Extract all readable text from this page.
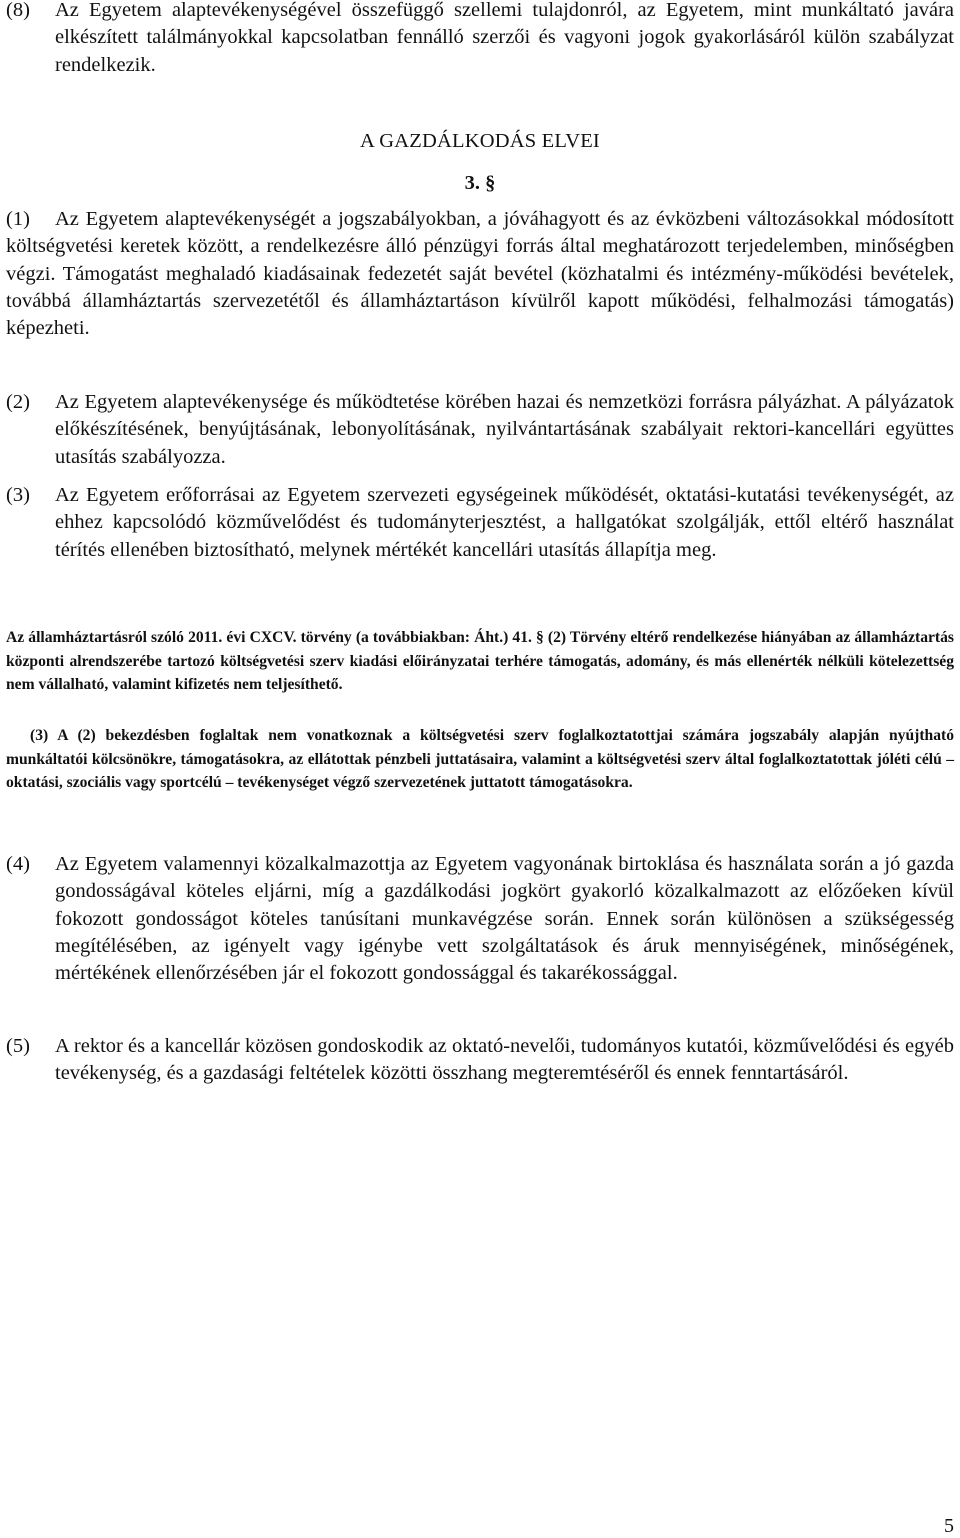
(8)	Az Egyetem alaptevékenységével összefüggő szellemi tulajdonról, az Egyetem, mint munkáltató javára elkészített találmányokkal kapcsolatban fennálló szerzői és vagyoni jogok gyakorlásáról külön szabályzat rendelkezik.

A GAZDÁLKODÁS ELVEI
3. §

(1)	Az Egyetem alaptevékenységét a jogszabályokban, a jóváhagyott és az évközbeni változásokkal módosított költségvetési keretek között, a rendelkezésre álló pénzügyi forrás által meghatározott terjedelemben, minőségben végzi. Támogatást meghaladó kiadásainak fedezetét saját bevétel (közhatalmi és intézmény-működési bevételek, továbbá államháztartás szervezetétől és államháztartáson kívülről kapott működési, felhalmozási támogatás) képezheti.

(2)	Az Egyetem alaptevékenysége és működtetése körében hazai és nemzetközi forrásra pályázhat. A pályázatok előkészítésének, benyújtásának, lebonyolításának, nyilvántartásának szabályait rektori-kancellári együttes utasítás szabályozza.

(3)	Az Egyetem erőforrásai az Egyetem szervezeti egységeinek működését, oktatási-kutatási tevékenységét, az ehhez kapcsolódó közművelődést és tudományterjesztést, a hallgatókat szolgálják, ettől eltérő használat térítés ellenében biztosítható, melynek mértékét kancellári utasítás állapítja meg.

Az államháztartásról szóló 2011. évi CXCV. törvény (a továbbiakban: Áht.) 41. § (2) Törvény eltérő rendelkezése hiányában az államháztartás központi alrendszerébe tartozó költségvetési szerv kiadási előirányzatai terhére támogatás, adomány, és más ellenérték nélküli kötelezettség nem vállalható, valamint kifizetés nem teljesíthető.

(3) A (2) bekezdésben foglaltak nem vonatkoznak a költségvetési szerv foglalkoztatottjai számára jogszabály alapján nyújtható munkáltatói kölcsönökre, támogatásokra, az ellátottak pénzbeli juttatásaira, valamint a költségvetési szerv által foglalkoztatottak jóléti célú – oktatási, szociális vagy sportcélú – tevékenységet végző szervezetének juttatott támogatásokra.

(4)	Az Egyetem valamennyi közalkalmazottja az Egyetem vagyonának birtoklása és használata során a jó gazda gondosságával köteles eljárni, míg a gazdálkodási jogkört gyakorló közalkalmazott az előzőeken kívül fokozott gondosságot köteles tanúsítani munkavégzése során. Ennek során különösen a szükségesség megítélésében, az igényelt vagy igénybe vett szolgáltatások és áruk mennyiségének, minőségének, mértékének ellenőrzésében jár el fokozott gondossággal és takarékossággal.

(5)	A rektor és a kancellár közösen gondoskodik az oktató-nevelői, tudományos kutatói, közművelődési és egyéb tevékenység, és a gazdasági feltételek közötti összhang megteremtéséről és ennek fenntartásáról.

5
